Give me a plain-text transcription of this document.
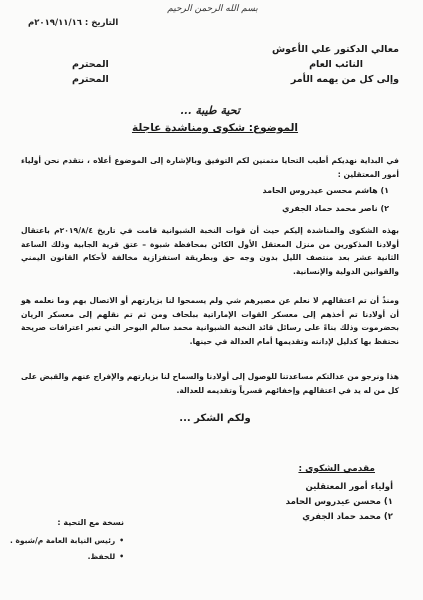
بسم الله الرحمن الرحيم
التاريخ : ٢٠١٩/١١/١٦م
معالي الدكتور علي الأعوش
النائب العام
وإلى كل من يهمه الأمر
المحترم
المحترم
تحية طيبة ...
الموضوع: شكوى ومناشدة عاجلة

في البداية نهديكم أطيب التحايا متمنين لكم التوفيق وبالإشارة إلى الموضوع أعلاه ، نتقدم نحن أولياء أمور المعتقلين :

١) هاشم محسن عيدروس الحامد
٢) ناصر محمد حماد الجفري

بهذه الشكوى والمناشدة إليكم حيث أن قوات النخبة الشبوانية قامت في تاريخ ٢٠١٩/٨/٤م باعتقال أولادنا المذكورين من منزل المعتقل الأول الكائن بمحافظة شبوة – عتق قرية الجابية وذلك الساعة الثانية عشر بعد منتصف الليل بدون وجه حق وبطريقة استفزازية مخالفة لأحكام القانون اليمني والقوانين الدولية والإنسانية.

ومنذُ أن تم اعتقالهم لا نعلم عن مصيرهم شي ولم يسمحوا لنا بزيارتهم أو الاتصال بهم وما نعلمه هو أن أولادنا تم أخذهم إلى معسكر القوات الإماراتية ببلحاف ومن ثم تم نقلهم إلى معسكر الريان بحضرموت وذلك بناءً على رسائل قائد النخبة الشبوانية محمد سالم البوحر التي تعبر اعترافات صريحة نحتفظ بها كدليل لإدانته وتقديمها أمام العدالة في حينها.

هذا ونرجو من عدالتكم مساعدتنا للوصول إلى أولادنا والسماح لنا بزيارتهم والإفراج عنهم والقبض على كل من له يد في اعتقالهم وإخفائهم قسرياً وتقديمه للعدالة.

ولكم الشكر ...
مقدمي الشكوى :
أولياء أمور المعتقلين
١) محسن عيدروس الحامد
٢) محمد حماد الجفري
نسخة مع التحية :
•رئيس النيابة العامة م/شبوة .
•للحفظ.
